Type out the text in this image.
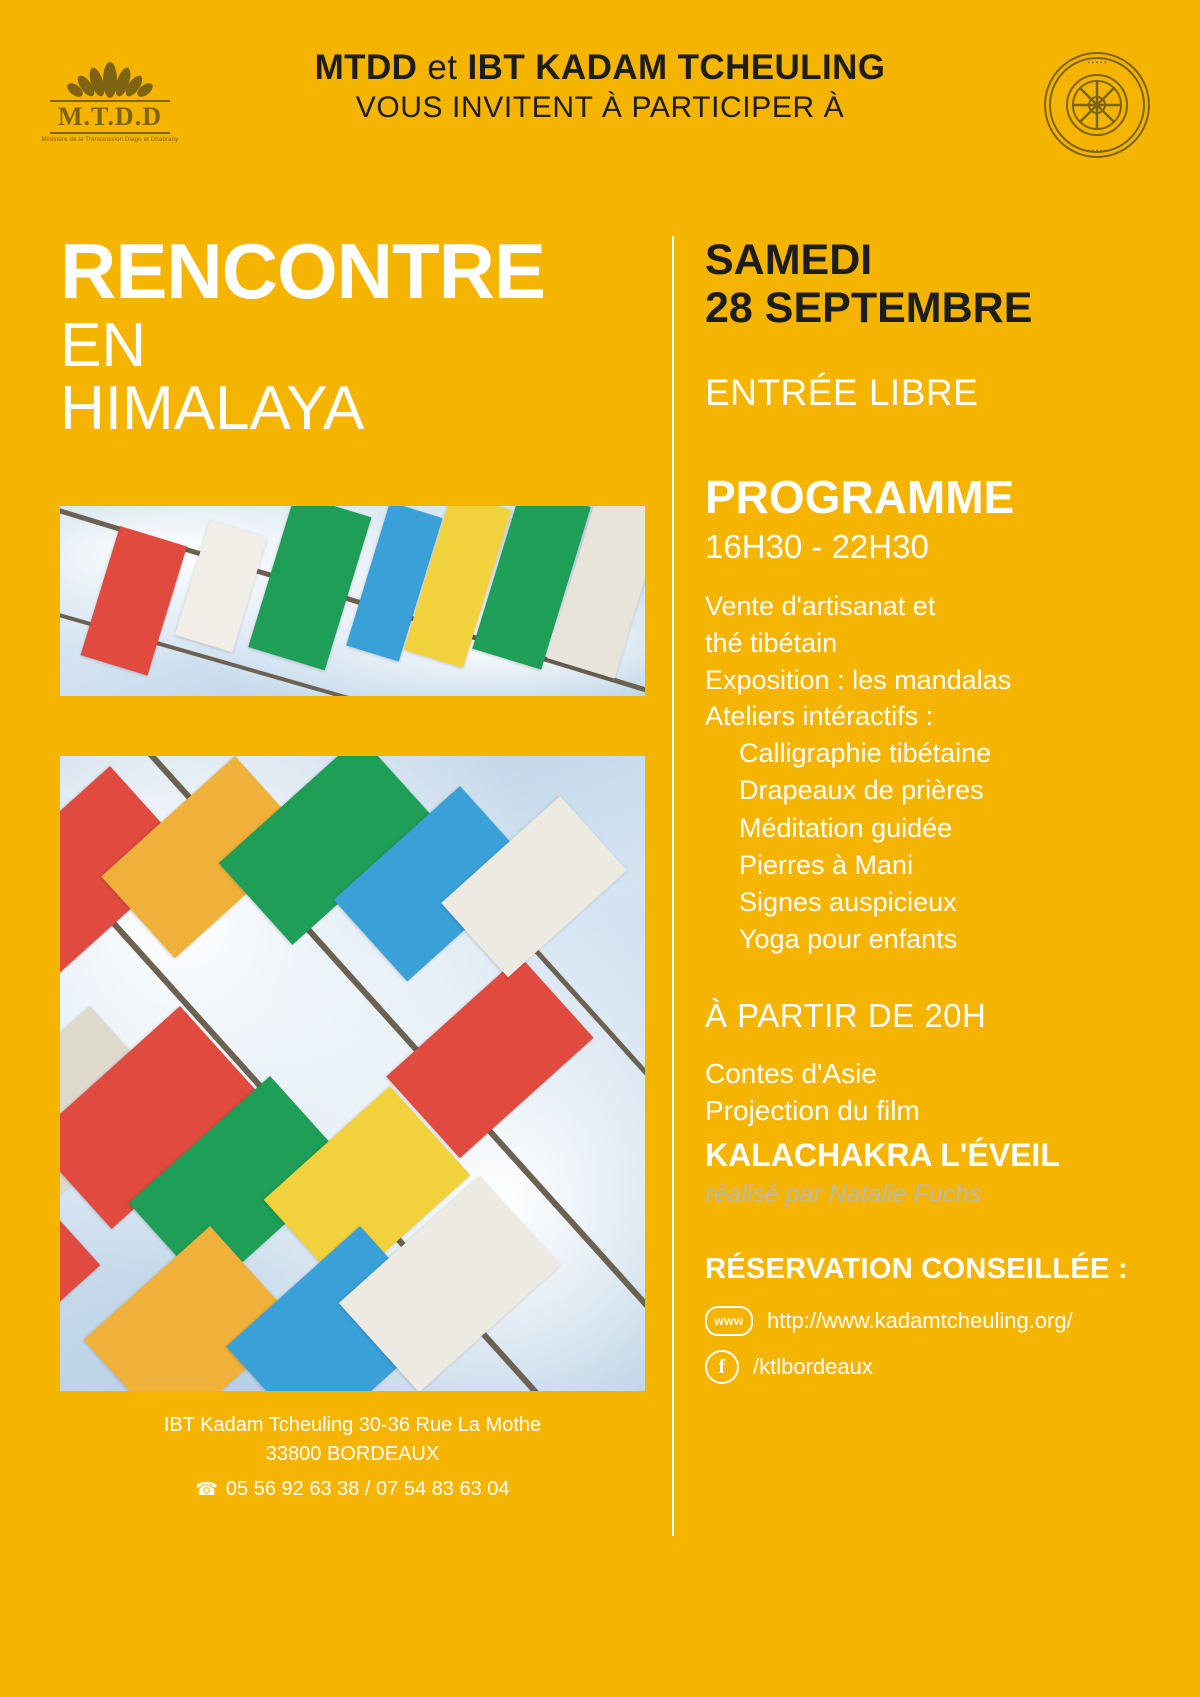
M.T.D.D
Ministère de la Transmission Diago et Dhabrany
MTDD et IBT KADAM TCHEULING
VOUS INVITENT À PARTICIPER À
• • • • •
• • • • •
RENCONTRE
EN
HIMALAYA
IBT Kadam Tcheuling 30-36 Rue La Mothe
33800 BORDEAUX
☎ 05 56 92 63 38 / 07 54 83 63 04
SAMEDI
28 SEPTEMBRE
ENTRÉE LIBRE
PROGRAMME
16H30 - 22H30
Vente d'artisanat et
thé tibétain
Exposition : les mandalas
Ateliers intéractifs :
Calligraphie tibétaine
Drapeaux de prières
Méditation guidée
Pierres à Mani
Signes auspicieux
Yoga pour enfants
À PARTIR DE 20H
Contes d'Asie
Projection du film
KALACHAKRA L'ÉVEIL
réalisé par Natalie Fuchs
RÉSERVATION CONSEILLÉE :
www	http://www.kadamtcheuling.org/
f	/ktlbordeaux
